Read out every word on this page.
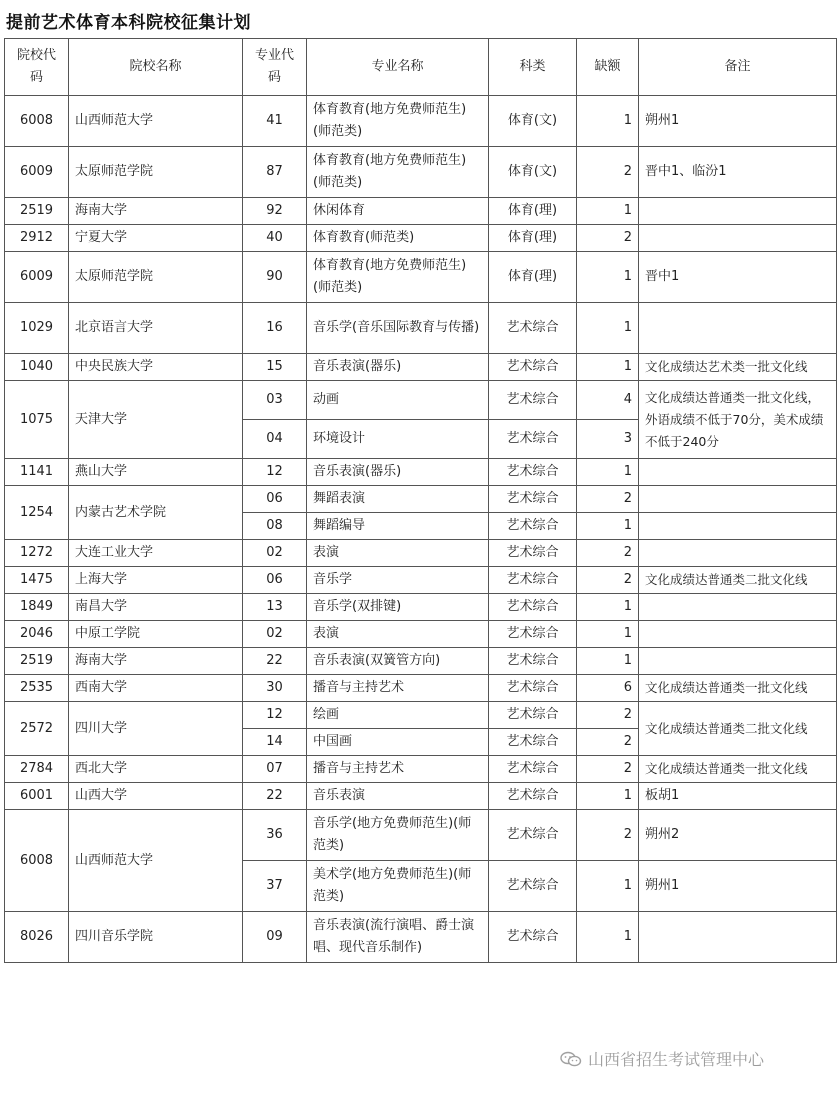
提前艺术体育本科院校征集计划
院校代码	院校名称	专业代码	专业名称	科类	缺额	备注
6008	山西师范大学	41	体育教育(地方免费师范生)(师范类)	体育(文)	1	朔州1
6009	太原师范学院	87	体育教育(地方免费师范生)(师范类)	体育(文)	2	晋中1、临汾1
2519	海南大学	92	休闲体育	体育(理)	1	
2912	宁夏大学	40	体育教育(师范类)	体育(理)	2	
6009	太原师范学院	90	体育教育(地方免费师范生)(师范类)	体育(理)	1	晋中1
1029	北京语言大学	16	音乐学(音乐国际教育与传播)	艺术综合	1	
1040	中央民族大学	15	音乐表演(器乐)	艺术综合	1	文化成绩达艺术类一批文化线
1075	天津大学	03	动画	艺术综合	4	文化成绩达普通类一批文化线，外语成绩不低于70分，美术成绩不低于240分
		04	环境设计	艺术综合	3	
1141	燕山大学	12	音乐表演(器乐)	艺术综合	1	
1254	内蒙古艺术学院	06	舞蹈表演	艺术综合	2	
		08	舞蹈编导	艺术综合	1	
1272	大连工业大学	02	表演	艺术综合	2	
1475	上海大学	06	音乐学	艺术综合	2	文化成绩达普通类二批文化线
1849	南昌大学	13	音乐学(双排键)	艺术综合	1	
2046	中原工学院	02	表演	艺术综合	1	
2519	海南大学	22	音乐表演(双簧管方向)	艺术综合	1	
2535	西南大学	30	播音与主持艺术	艺术综合	6	文化成绩达普通类一批文化线
2572	四川大学	12	绘画	艺术综合	2	文化成绩达普通类二批文化线
		14	中国画	艺术综合	2	
2784	西北大学	07	播音与主持艺术	艺术综合	2	文化成绩达普通类一批文化线
6001	山西大学	22	音乐表演	艺术综合	1	板胡1
6008	山西师范大学	36	音乐学(地方免费师范生)(师范类)	艺术综合	2	朔州2
		37	美术学(地方免费师范生)(师范类)	艺术综合	1	朔州1
8026	四川音乐学院	09	音乐表演(流行演唱、爵士演唱、现代音乐制作)	艺术综合	1	
山西省招生考试管理中心
